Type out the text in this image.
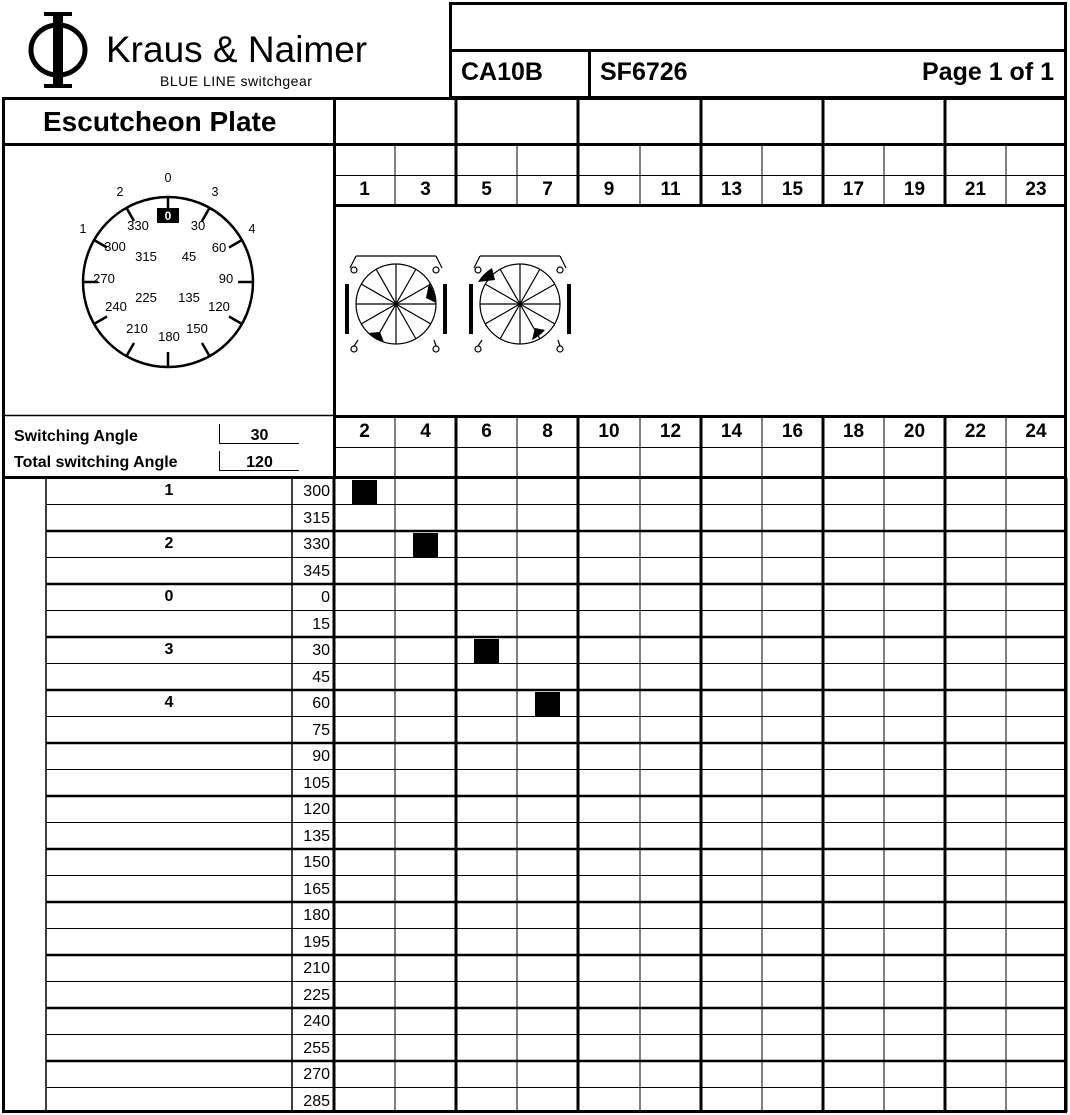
Kraus & Naimer
BLUE LINE switchgear	CA10B SF6726	Page 1 of 1
Escutcheon Plate
0
330	30
300
315 45
60
270	90
240
225 135
120
210
180
150
0
3
4
2
1
Switching Angle	30
Total switching Angle	120
1	3	5	7	9	11	13	15	17	19	21	23
2	4	6	8	10	12	14	16	18	20	22	24
1	300
315
2	330
345
0	0
15
3	30
45
4	60
75
90
105
120
135
150
165
180
195
210
225
240
255
270
285
